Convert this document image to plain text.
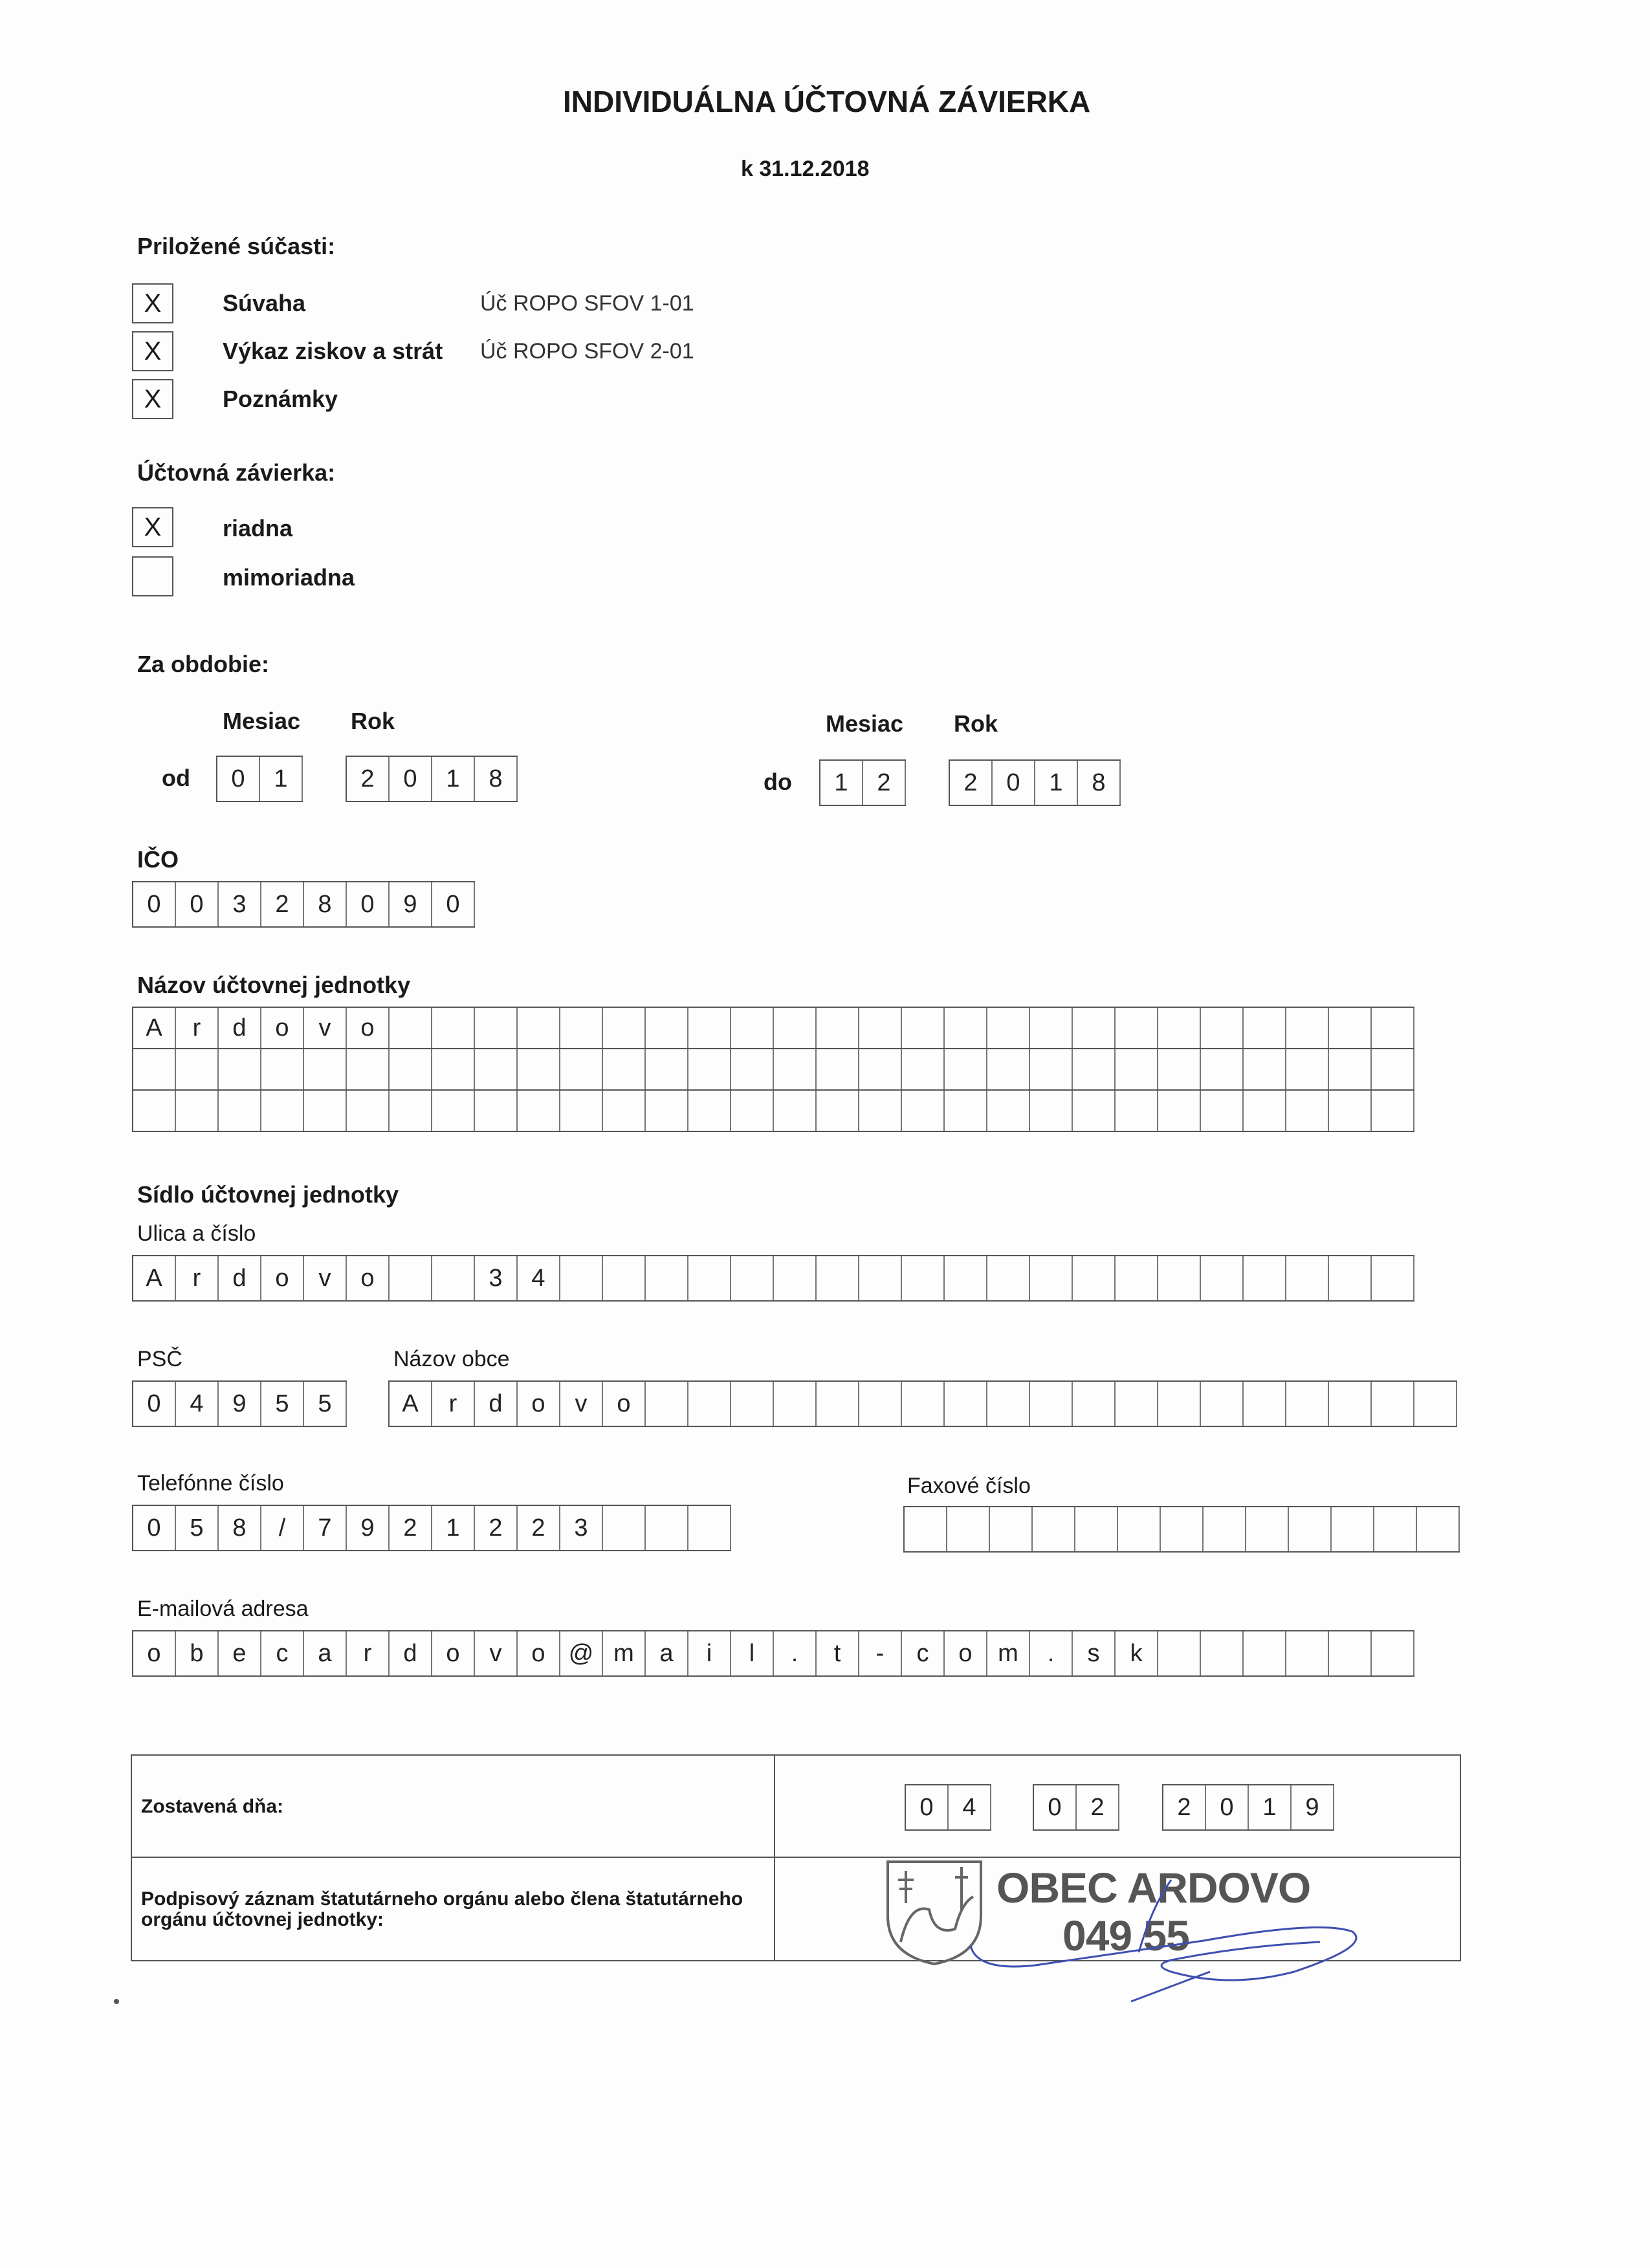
INDIVIDUÁLNA ÚČTOVNÁ ZÁVIERKA
k 31.12.2018
Priložené súčasti:
X	Súvaha	Úč ROPO SFOV 1-01
X	Výkaz ziskov a strát Úč ROPO SFOV 2-01
X	Poznámky
Účtovná závierka:
X	riadna
mimoriadna
Za obdobie:
Mesiac Rok	Mesiac Rok
od	0	1	2	0	1	8	do	1	2	2	0	1	8
IČO
0	0	3	2	8	0	9	0
Názov účtovnej jednotky
A	r	d	o	v	o
Sídlo účtovnej jednotky
Ulica a číslo
A	r	d	o	v	o	3	4
PSČ
0	4	9	5	5
Názov obce
A	r	d	o	v	o
Telefónne číslo
0	5	8	/	7	9	2	1	2	2	3
Faxové číslo
E-mailová adresa
o	b	e	c	a	r	d	o	v	o @ m	a	i	l	.	t	-	c	o	m	.	s	k
Zostavená dňa:	0	4	0	2	2	0	1	9
Podpisový záznam štatutárneho orgánu alebo člena štatutárneho orgánu účtovnej jednotky:
OBEC ARDOVO
049 55
